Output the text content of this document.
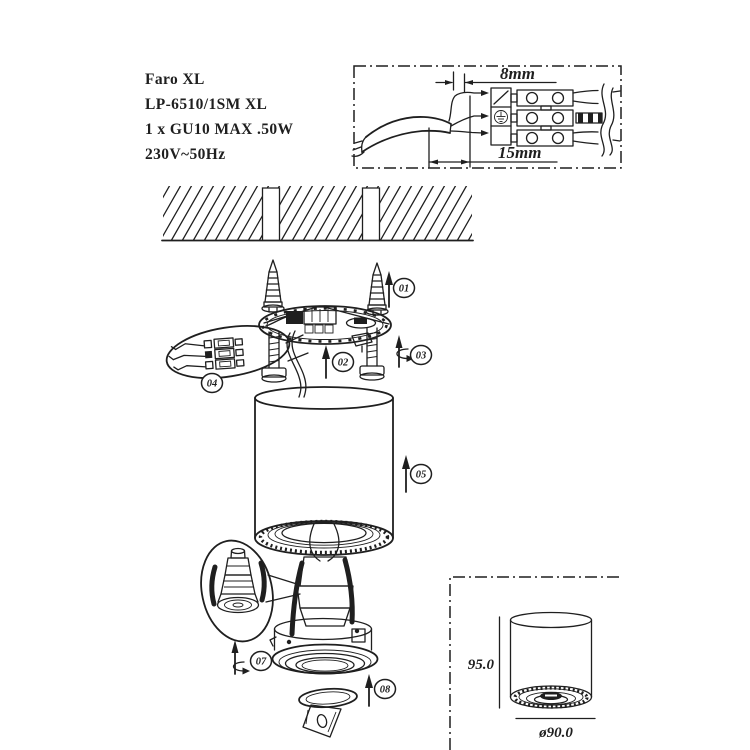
Faro XL
LP-6510/1SM XL
1 x GU10 MAX .50W
230V~50Hz
8mm
15mm
01
02
03
04
05
07
08
95.0
ø90.0
